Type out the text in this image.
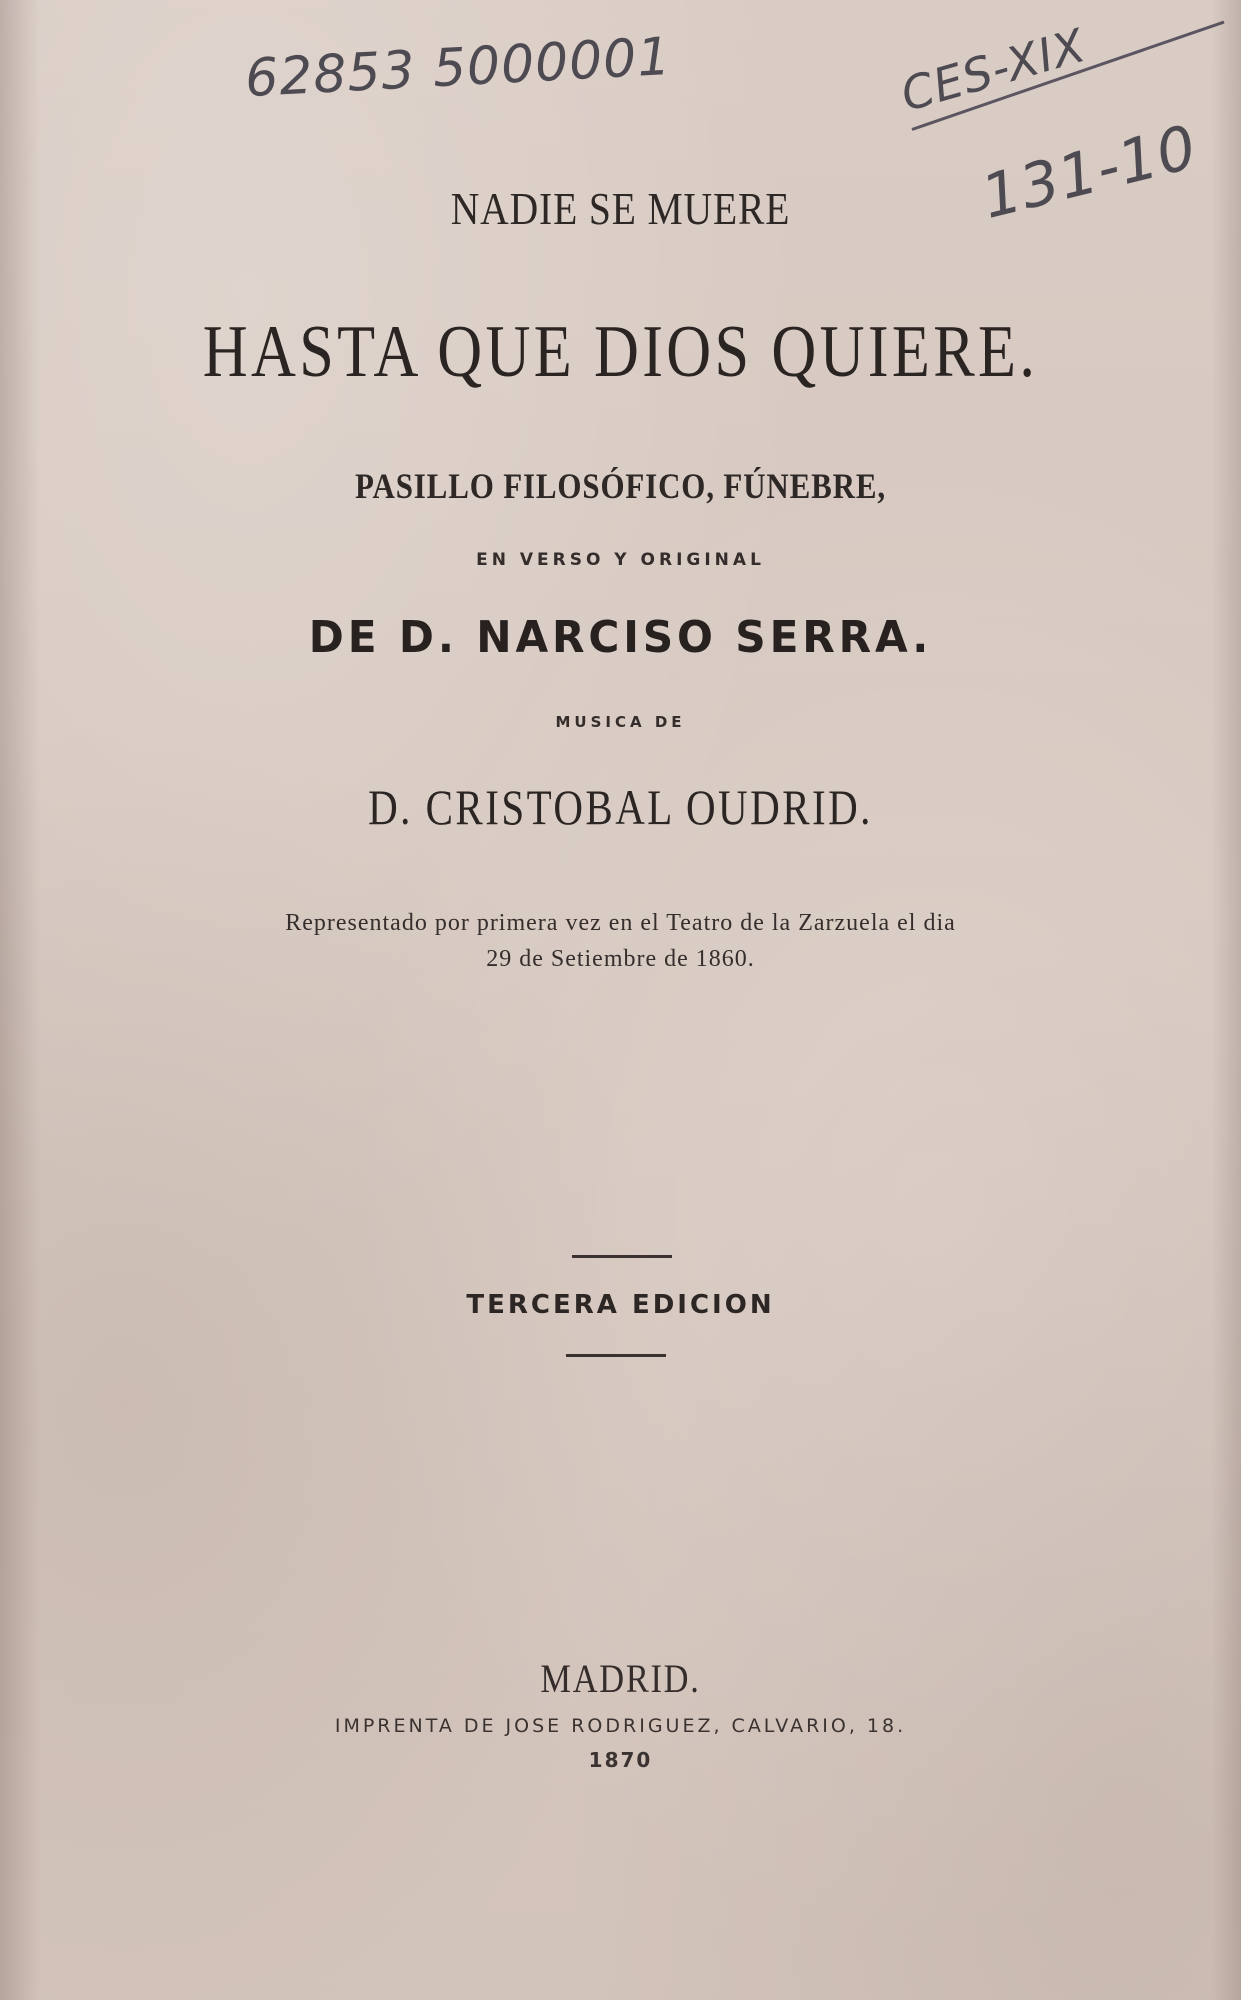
62853 5000001	CES-XIX
131-10
NADIE SE MUERE
HASTA QUE DIOS QUIERE.
PASILLO FILOSÓFICO, FÚNEBRE,
EN VERSO Y ORIGINAL
DE D. NARCISO SERRA.
MUSICA DE
D. CRISTOBAL OUDRID.
Representado por primera vez en el Teatro de la Zarzuela el dia
29 de Setiembre de 1860.
TERCERA EDICION
MADRID.
IMPRENTA DE JOSE RODRIGUEZ, CALVARIO, 18.
1870
